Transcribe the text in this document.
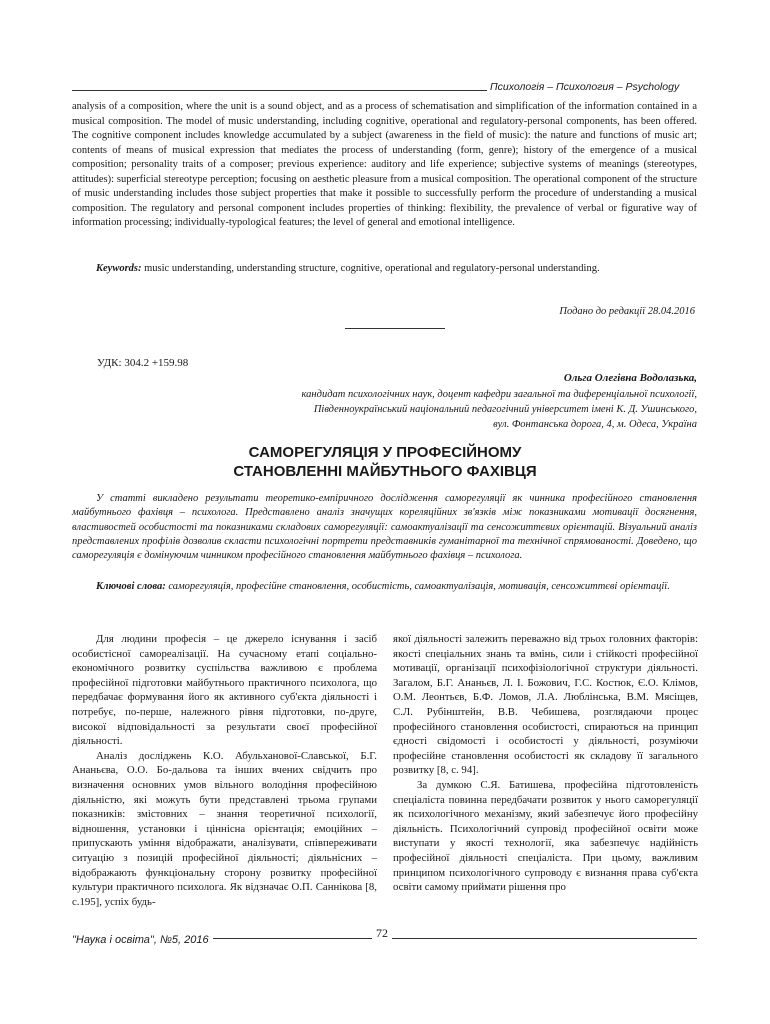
Психологія – Психология – Psychology

analysis of a composition, where the unit is a sound object, and as a process of schematisation and simplification of the information contained in a musical composition. The model of music understanding, including cognitive, operational and regulatory-personal components, has been offered. The cognitive component includes knowledge accumulated by a subject (awareness in the field of music): the nature and functions of music art; contents of means of musical expression that mediates the process of understanding (form, genre); history of the emergence of a musical composition; personality traits of a composer; previous experience: auditory and life experience; subjective systems of meanings (stereotypes, attitudes): superficial stereotype perception; focusing on aesthetic pleasure from a musical composition. The operational component of the structure of music understanding includes those subject properties that make it possible to successfully perform the procedure of understanding a musical composition. The regulatory and personal component includes properties of thinking: flexibility, the prevalence of verbal or figurative way of information processing; individually-typological features; the level of general and emotional intelligence.

Keywords: music understanding, understanding structure, cognitive, operational and regulatory-personal understanding.

Подано до редакції 28.04.2016
УДК: 304.2 +159.98
Ольга Олегівна Водолазька,
кандидат психологічних наук, доцент кафедри загальної та диференціальної психології,
Південноукраїнський національний педагогічний університет імені К. Д. Ушинського,
вул. Фонтанська дорога, 4, м. Одеса, Україна
САМОРЕГУЛЯЦІЯ У ПРОФЕСІЙНОМУ
СТАНОВЛЕННІ МАЙБУТНЬОГО ФАХІВЦЯ

У статті викладено результати теоретико-емпіричного дослідження саморегуляції як чинника професійного становлення майбутнього фахівця – психолога. Представлено аналіз значущих кореляційних зв'язків між показниками мотивації досягнення, властивостей особистості та показниками складових саморегуляції: самоактуалізації та сенсожиттєвих орієнтацій. Візуальний аналіз представлених профілів дозволив скласти психологічні портрети представників гуманітарної та технічної спрямованості. Доведено, що саморегуляція є домінуючим чинником професійного становлення майбутнього фахівця – психолога.

Ключові слова: саморегуляція, професійне становлення, особистість, самоактуалізація, мотивація, сенсожиттєві орієнтації.

Для людини професія – це джерело існування і засіб особистісної самореалізації. На сучасному етапі соціально-економічного розвитку суспільства важливою є проблема професійної підготовки майбутнього практичного психолога, що передбачає формування його як активного суб'єкта діяльності і потребує, по-перше, належного рівня підготовки, по-друге, високої відповідальності за результати своєї професійної діяльності.

Аналіз досліджень К.О. Абульханової-Славської, Б.Г. Ананьєва, О.О. Бо-дальова та інших вчених свідчить про визначення основних умов вільного володіння професійною діяльністю, які можуть бути представлені трьома групами показників: змістовних – знання теоретичної психології, відношення, установки і ціннісна орієнтація; емоційних – припускають уміння відображати, аналізувати, співпереживати ситуацію з позицій професійної діяльності; діяльнісних – відображають функціональну сторону розвитку професійної культури практичного психолога. Як відзначає О.П. Саннікова [8, с.195], успіх будь-

якої діяльності залежить переважно від трьох головних факторів: якості спеціальних знань та вмінь, сили і стійкості професійної мотивації, організації психофізіологічної структури діяльності. Загалом, Б.Г. Ананьєв, Л. І. Божович, Г.С. Костюк, Є.О. Клімов, О.М. Леонтьєв, Б.Ф. Ломов, Л.А. Люблінська, В.М. Мясіщев, С.Л. Рубінштейн, В.В. Чебишева, розглядаючи процес професійного становлення особистості, спираються на принцип єдності свідомості і особистості у діяльності, розуміючи професійне становлення особистості як складову її загального розвитку [8, с. 94].

За думкою С.Я. Батишева, професійна підготовленість спеціаліста повинна передбачати розвиток у нього саморегуляції як психологічного механізму, який забезпечує його професійну діяльність. Психологічний супровід професійної освіти може виступати у якості технології, яка забезпечує надійність професійної діяльності спеціаліста. При цьому, важливим принципом психологічного супроводу є визнання права суб'єкта освіти самому приймати рішення про

"Наука і освіта", №5, 2016	72
